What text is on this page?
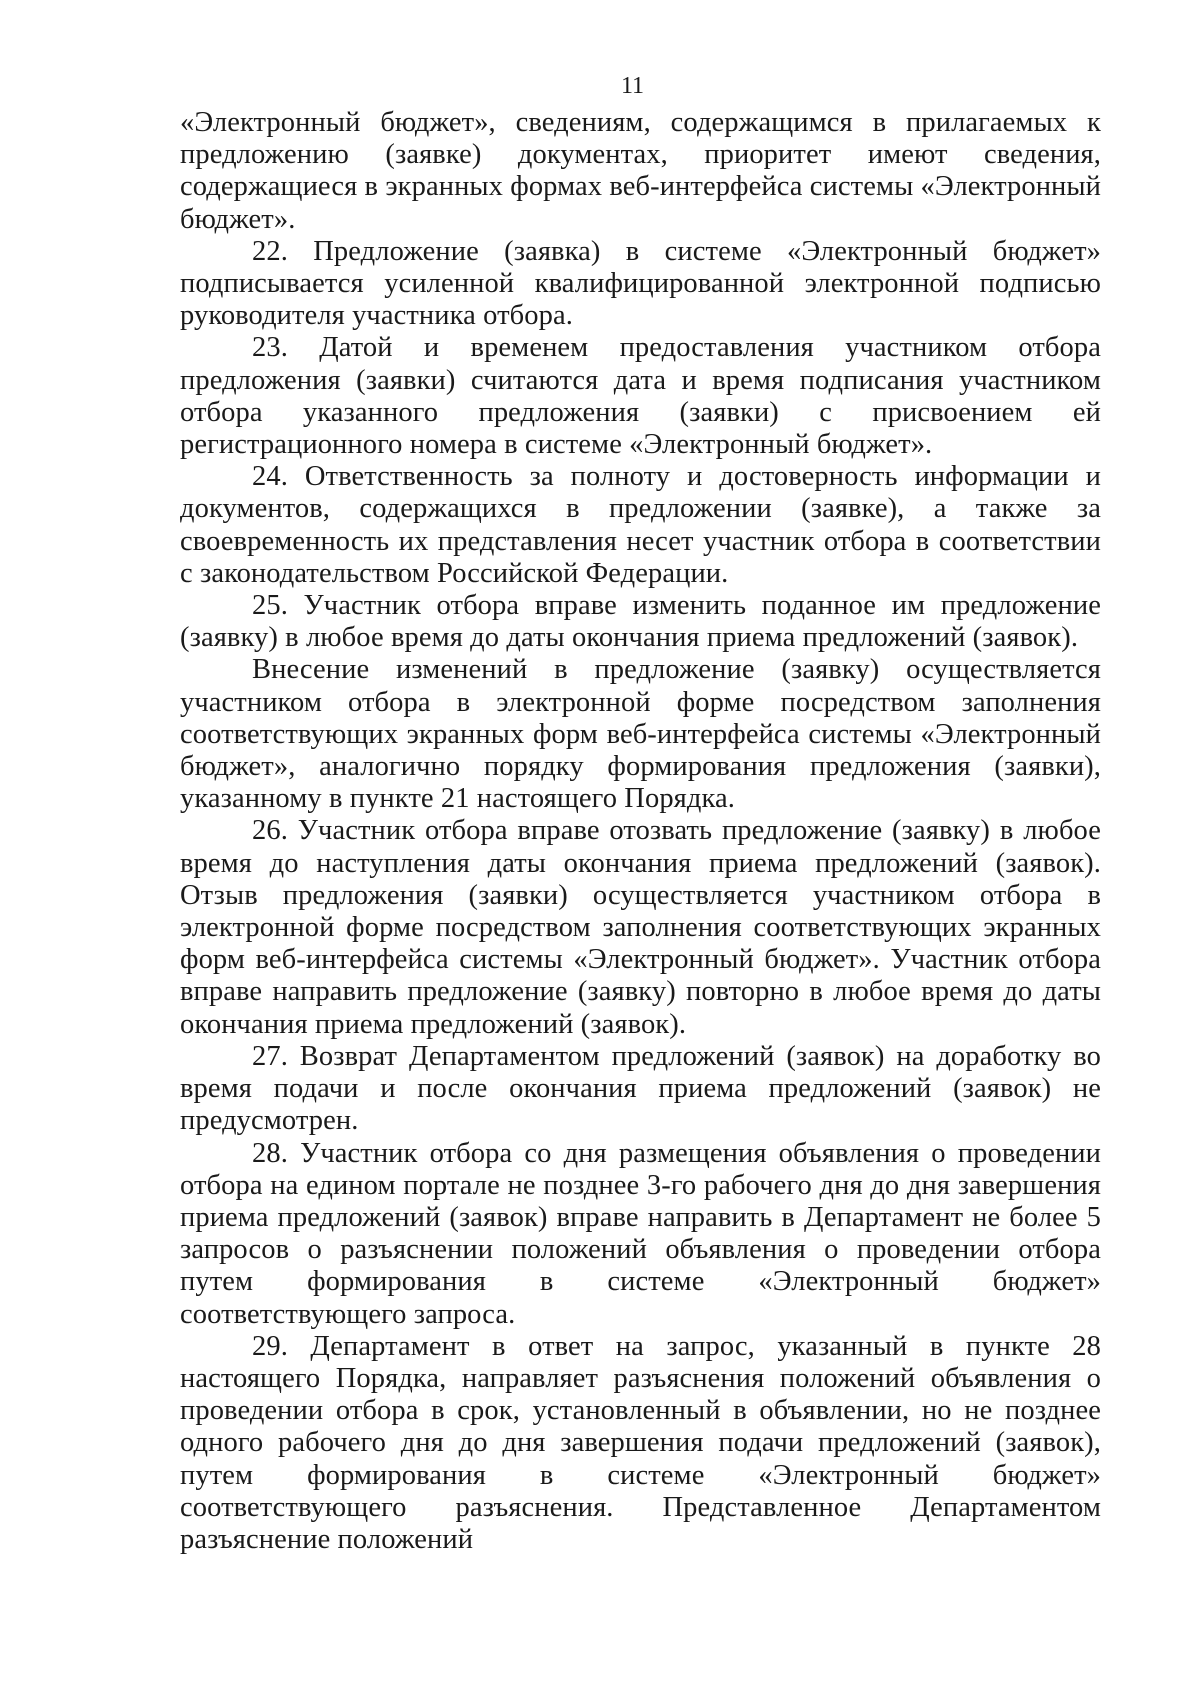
11

«Электронный бюджет», сведениям, содержащимся в прилагаемых к предложению (заявке) документах, приоритет имеют сведения, содержащиеся в экранных формах веб-интерфейса системы «Электронный бюджет».

22. Предложение (заявка) в системе «Электронный бюджет» подписывается усиленной квалифицированной электронной подписью руководителя участника отбора.

23. Датой и временем предоставления участником отбора предложения (заявки) считаются дата и время подписания участником отбора указанного предложения (заявки) с присвоением ей регистрационного номера в системе «Электронный бюджет».

24. Ответственность за полноту и достоверность информации и документов, содержащихся в предложении (заявке), а также за своевременность их представления несет участник отбора в соответствии с законодательством Российской Федерации.

25. Участник отбора вправе изменить поданное им предложение (заявку) в любое время до даты окончания приема предложений (заявок).

Внесение изменений в предложение (заявку) осуществляется участником отбора в электронной форме посредством заполнения соответствующих экранных форм веб-интерфейса системы «Электронный бюджет», аналогично порядку формирования предложения (заявки), указанному в пункте 21 настоящего Порядка.

26. Участник отбора вправе отозвать предложение (заявку) в любое время до наступления даты окончания приема предложений (заявок). Отзыв предложения (заявки) осуществляется участником отбора в электронной форме посредством заполнения соответствующих экранных форм веб-интерфейса системы «Электронный бюджет». Участник отбора вправе направить предложение (заявку) повторно в любое время до даты окончания приема предложений (заявок).

27. Возврат Департаментом предложений (заявок) на доработку во время подачи и после окончания приема предложений (заявок) не предусмотрен.

28. Участник отбора со дня размещения объявления о проведении отбора на едином портале не позднее 3-го рабочего дня до дня завершения приема предложений (заявок) вправе направить в Департамент не более 5 запросов о разъяснении положений объявления о проведении отбора путем формирования в системе «Электронный бюджет» соответствующего запроса.

29. Департамент в ответ на запрос, указанный в пункте 28 настоящего Порядка, направляет разъяснения положений объявления о проведении отбора в срок, установленный в объявлении, но не позднее одного рабочего дня до дня завершения подачи предложений (заявок), путем формирования в системе «Электронный бюджет» соответствующего разъяснения. Представленное Департаментом разъяснение положений
